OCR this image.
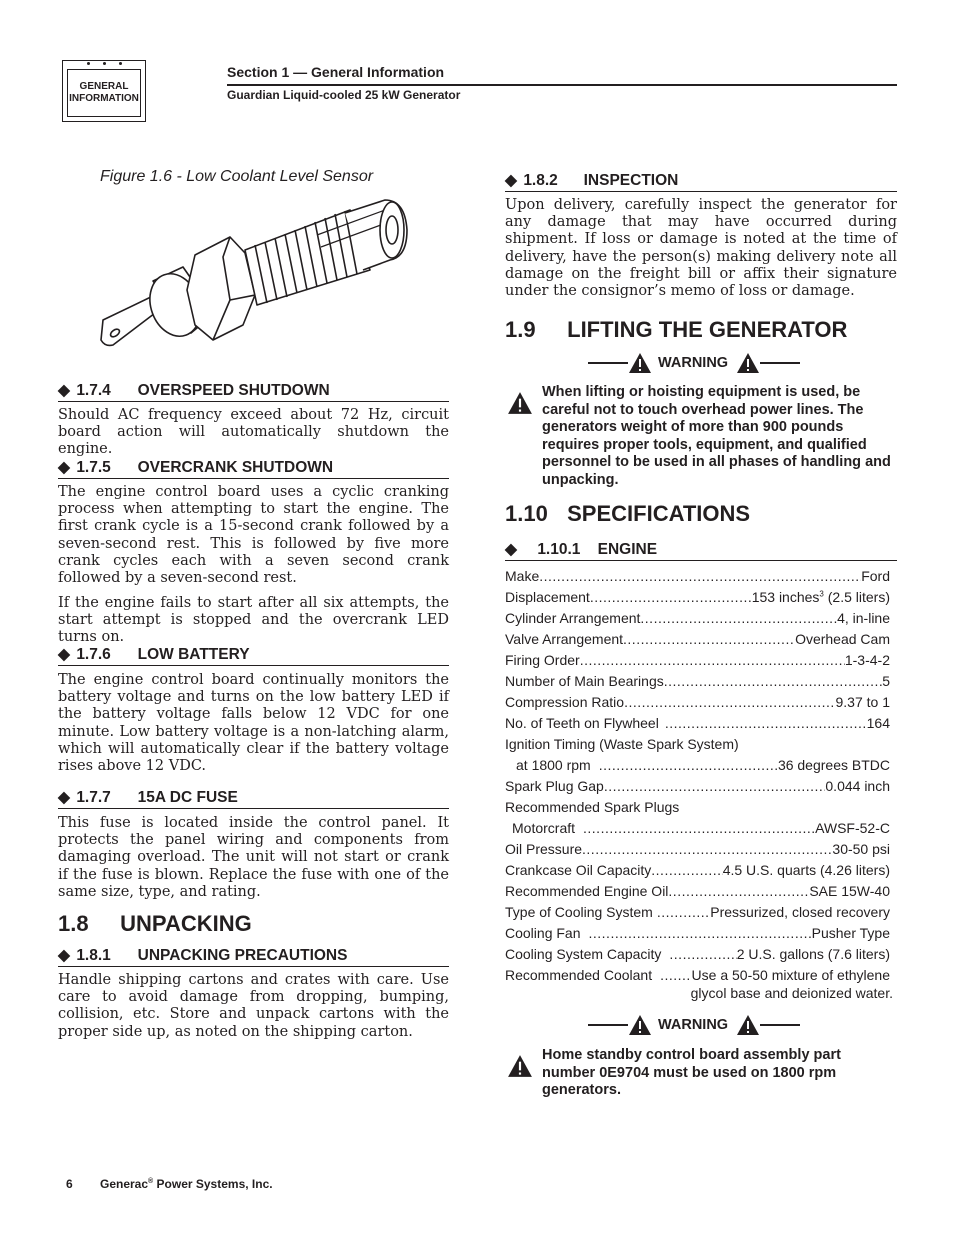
GENERAL
INFORMATION
Section 1 — General Information
Guardian Liquid-cooled 25 kW Generator
Figure 1.6 - Low Coolant Level Sensor
◆ 1.7.4 OVERSPEED SHUTDOWN
Should AC frequency exceed about 72 Hz, circuit board action will automatically shutdown the engine.
◆ 1.7.5 OVERCRANK SHUTDOWN
The engine control board uses a cyclic cranking process when attempting to start the engine. The first crank cycle is a 15-second crank followed by a seven-second rest. This is followed by five more crank cycles each with a seven second crank followed by a seven-second rest.
If the engine fails to start after all six attempts, the start attempt is stopped and the overcrank LED turns on.
◆ 1.7.6 LOW BATTERY
The engine control board continually monitors the battery voltage and turns on the low battery LED if the battery voltage falls below 12 VDC for one minute. Low battery voltage is a non-latching alarm, which will automatically clear if the battery voltage rises above 12 VDC.
◆ 1.7.7 15A DC FUSE
This fuse is located inside the control panel. It protects the panel wiring and components from damaging overload. The unit will not start or crank if the fuse is blown. Replace the fuse with one of the same size, type, and rating.
1.8 UNPACKING
◆ 1.8.1 UNPACKING PRECAUTIONS
Handle shipping cartons and crates with care. Use care to avoid damage from dropping, bumping, collision, etc. Store and unpack cartons with the proper side up, as noted on the shipping carton.
◆ 1.8.2 INSPECTION
Upon delivery, carefully inspect the generator for any damage that may have occurred during shipment. If loss or damage is noted at the time of delivery, have the person(s) making delivery note all damage on the freight bill or affix their signature under the consignor’s memo of loss or damage.
1.9 LIFTING THE GENERATOR
WARNING
When lifting or hoisting equipment is used, be careful not to touch overhead power lines. The generators weight of more than 900 pounds requires proper tools, equipment, and qualified personnel to be used in all phases of handling and unpacking.
1.10 SPECIFICATIONS
◆ 1.10.1 ENGINE
Make .....	Ford
Displacement .....	153 inches$^3$ (2.5 liters)
Cylinder Arrangement .....	4, in-line
Valve Arrangement .....	Overhead Cam
Firing Order .....	1-3-4-2
Number of Main Bearings .....	5
Compression Ratio .....	9.37 to 1
No. of Teeth on Flywheel .....	164
Ignition Timing (Waste Spark System)
at 1800 rpm .....	36 degrees BTDC
Spark Plug Gap .....	0.044 inch
Recommended Spark Plugs
Motorcraft .....	AWSF-52-C
Oil Pressure .....	30-50 psi
Crankcase Oil Capacity .....	4.5 U.S. quarts (4.26 liters)
Recommended Engine Oil .....	SAE 15W-40
Type of Cooling System .....	Pressurized, closed recovery
Cooling Fan .....	Pusher Type
Cooling System Capacity .....	2 U.S. gallons (7.6 liters)
Recommended Coolant .....	Use a 50-50 mixture of ethylene
glycol base and deionized water.
WARNING
Home standby control board assembly part number 0E9704 must be used on 1800 rpm generators.
6 Generac® Power Systems, Inc.
